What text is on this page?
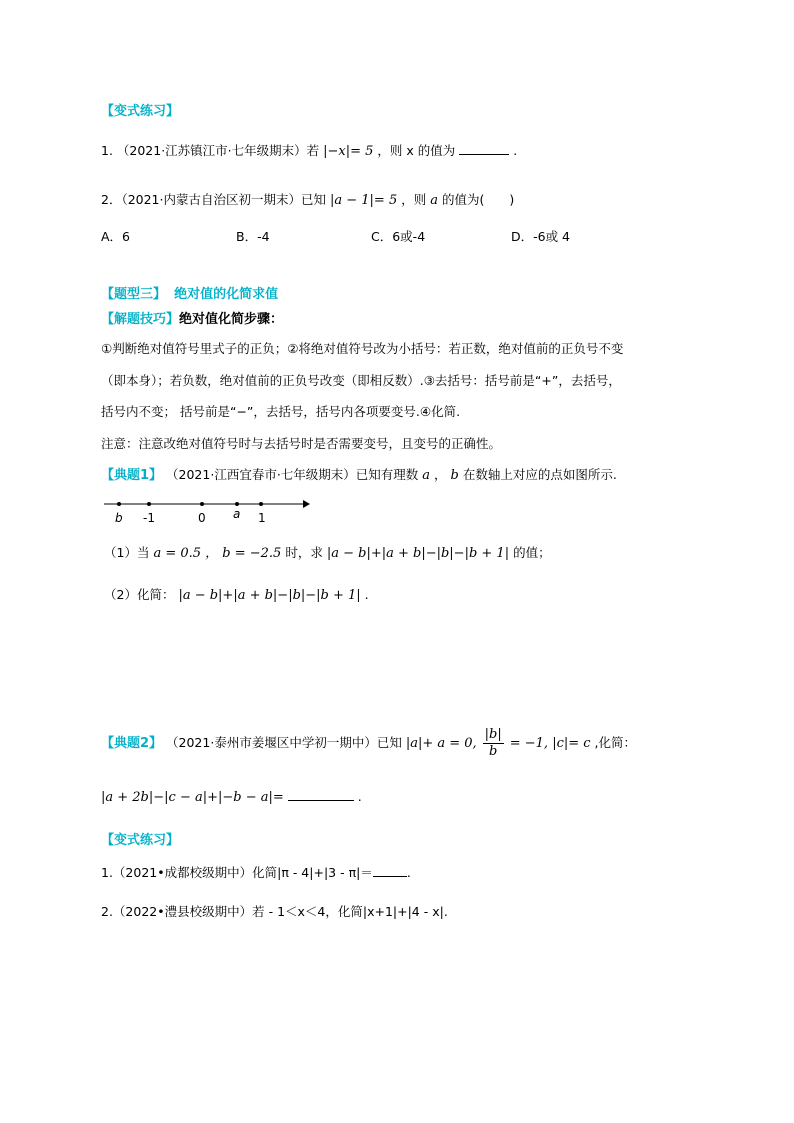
【变式练习】
1. （2021·江苏镇江市·七年级期末）若 |−x|= 5 ，则 x 的值为	.
2．（2021·内蒙古自治区初一期末）已知 |a − 1|= 5 ，则 a 的值为(　　)
A．6	B．-4	C．6或-4	D．-6或 4
【题型三】 绝对值的化简求值
【解题技巧】绝对值化简步骤：
①判断绝对值符号里式子的正负；②将绝对值符号改为小括号：若正数，绝对值前的正负号不变
（即本身）；若负数，绝对值前的正负号改变（即相反数）.③去括号：括号前是“+”，去括号，
括号内不变； 括号前是“−”，去括号，括号内各项要变号.④化简.
注意：注意改绝对值符号时与去括号时是否需要变号，且变号的正确性。
【典题1】 （2021·江西宜春市·七年级期末）已知有理数 a ， b 在数轴上对应的点如图所示.
b -1	0 a 1
（1）当 a = 0.5 ， b = −2.5 时，求 |a − b|+|a + b|−|b|−|b + 1| 的值；
（2）化简： |a − b|+|a + b|−|b|−|b + 1| .
【典题2】 （2021·泰州市姜堰区中学初一期中）已知 |a|+ a = 0, $\frac{|b|}{b} = -1$, |c|= c ,化简：
|a + 2b|−|c − a|+|−b − a|=	.
【变式练习】
1.（2021•成都校级期中）化简|π - 4|+|3 - π|＝	.
2.（2022•澧县校级期中）若 - 1＜x＜4，化简|x+1|+|4 - x|.
